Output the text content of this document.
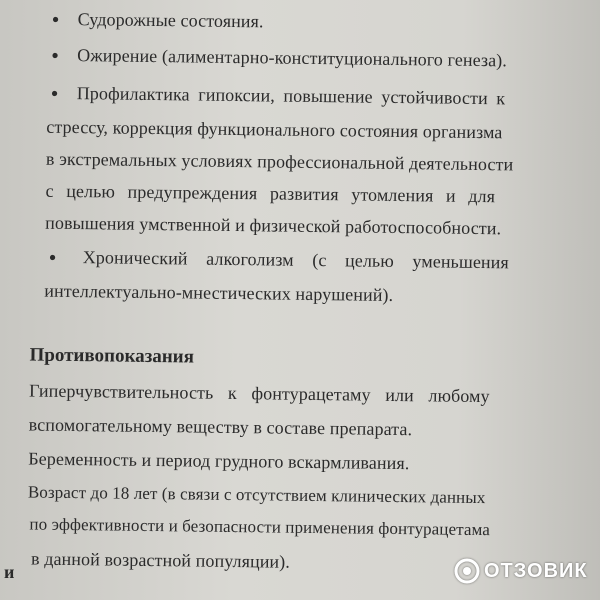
• Судорожные состояния.
• Ожирение (алиментарно-конституционального генеза).
• Профилактика гипоксии, повышение устойчивости к
стрессу, коррекция функционального состояния организма
в экстремальных условиях профессиональной деятельности
с целью предупреждения развития утомления и для
повышения умственной и физической работоспособности.
• Хронический алкоголизм (с целью уменьшения
интеллектуально-мнестических нарушений).
Противопоказания
Гиперчувствительность к фонтурацетаму или любому
вспомогательному веществу в составе препарата.
Беременность и период грудного вскармливания.
Возраст до 18 лет (в связи с отсутствием клинических данных
по эффективности и безопасности применения фонтурацетама
в данной возрастной популяции).
и	ОТЗОВИК
